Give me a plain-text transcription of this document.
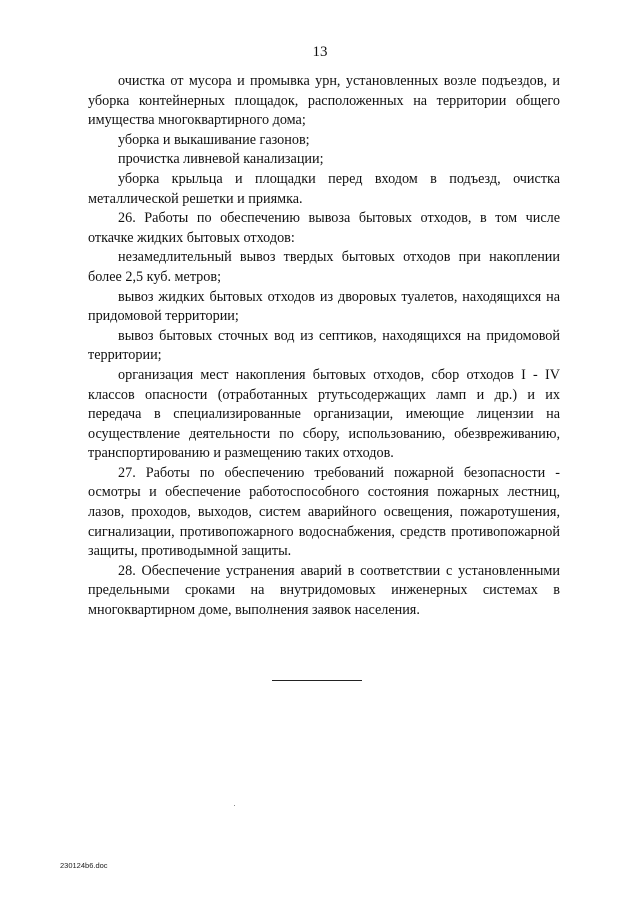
13

очистка от мусора и промывка урн, установленных возле подъездов, и уборка контейнерных площадок, расположенных на территории общего имущества многоквартирного дома;

уборка и выкашивание газонов;

прочистка ливневой канализации;

уборка крыльца и площадки перед входом в подъезд, очистка металлической решетки и приямка.

26. Работы по обеспечению вывоза бытовых отходов, в том числе откачке жидких бытовых отходов:

незамедлительный вывоз твердых бытовых отходов при накоплении более 2,5 куб. метров;

вывоз жидких бытовых отходов из дворовых туалетов, находящихся на придомовой территории;

вывоз бытовых сточных вод из септиков, находящихся на придомовой территории;

организация мест накопления бытовых отходов, сбор отходов I - IV классов опасности (отработанных ртутьсодержащих ламп и др.) и их передача в специализированные организации, имеющие лицензии на осуществление деятельности по сбору, использованию, обезвреживанию, транспортированию и размещению таких отходов.

27. Работы по обеспечению требований пожарной безопасности - осмотры и обеспечение работоспособного состояния пожарных лестниц, лазов, проходов, выходов, систем аварийного освещения, пожаротушения, сигнализации, противопожарного водоснабжения, средств противопожарной защиты, противодымной защиты.

28. Обеспечение устранения аварий в соответствии с установленными предельными сроками на внутридомовых инженерных системах в многоквартирном доме, выполнения заявок населения.

230124b6.doc
